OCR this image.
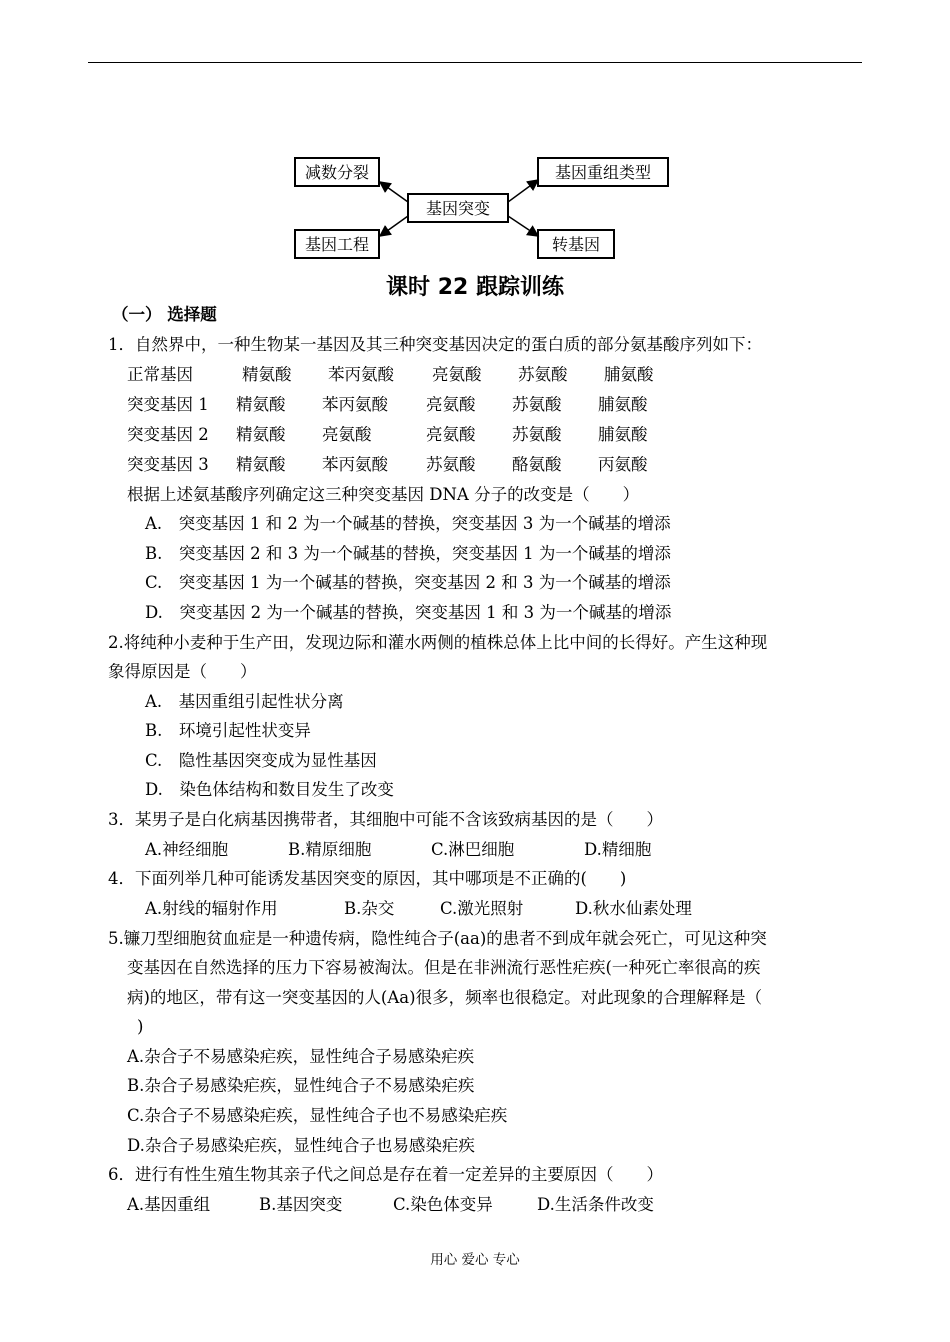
减数分裂	基因重组类型
基因突变
基因工程	转基因
课时 22 跟踪训练
（一） 选择题
1．自然界中，一种生物某一基因及其三种突变基因决定的蛋白质的部分氨基酸序列如下：
正常基因	精氨酸 苯丙氨酸 亮氨酸 苏氨酸 脯氨酸
突变基因 1 精氨酸 苯丙氨酸 亮氨酸 苏氨酸 脯氨酸
突变基因 2 精氨酸 亮氨酸	亮氨酸 苏氨酸 脯氨酸
突变基因 3 精氨酸 苯丙氨酸 苏氨酸 酪氨酸 丙氨酸
根据上述氨基酸序列确定这三种突变基因 DNA 分子的改变是（　　）
A.　突变基因 1 和 2 为一个碱基的替换，突变基因 3 为一个碱基的增添
B.　突变基因 2 和 3 为一个碱基的替换，突变基因 1 为一个碱基的增添
C.　突变基因 1 为一个碱基的替换，突变基因 2 和 3 为一个碱基的增添
D.　突变基因 2 为一个碱基的替换，突变基因 1 和 3 为一个碱基的增添
2.将纯种小麦种于生产田，发现边际和灌水两侧的植株总体上比中间的长得好。产生这种现
象得原因是（　　）
A.　基因重组引起性状分离
B.　环境引起性状变异
C.　隐性基因突变成为显性基因
D.　染色体结构和数目发生了改变
3．某男子是白化病基因携带者，其细胞中可能不含该致病基因的是（　　）
A.神经细胞	B.精原细胞	C.淋巴细胞	D.精细胞
4．下面列举几种可能诱发基因突变的原因，其中哪项是不正确的(　　)
A.射线的辐射作用	B.杂交	C.激光照射	D.秋水仙素处理
5.镰刀型细胞贫血症是一种遗传病，隐性纯合子(aa)的患者不到成年就会死亡，可见这种突
变基因在自然选择的压力下容易被淘汰。但是在非洲流行恶性疟疾(一种死亡率很高的疾
病)的地区，带有这一突变基因的人(Aa)很多，频率也很稳定。对此现象的合理解释是（
)
A.杂合子不易感染疟疾，显性纯合子易感染疟疾
B.杂合子易感染疟疾，显性纯合子不易感染疟疾
C.杂合子不易感染疟疾，显性纯合子也不易感染疟疾
D.杂合子易感染疟疾，显性纯合子也易感染疟疾
6．进行有性生殖生物其亲子代之间总是存在着一定差异的主要原因（　　）
A.基因重组	B.基因突变	C.染色体变异	D.生活条件改变
用心 爱心 专心
